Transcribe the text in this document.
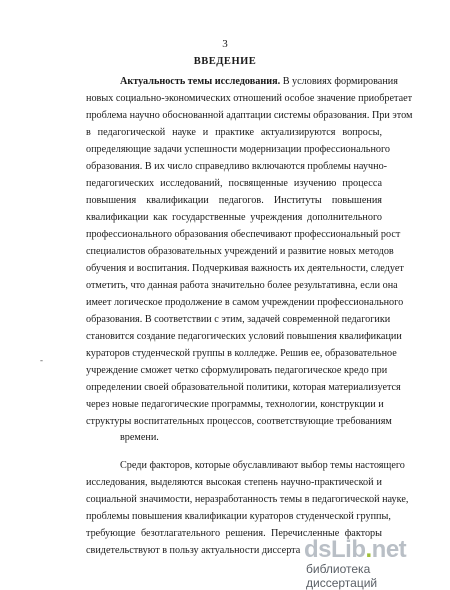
3
ВВЕДЕНИЕ
Актуальность темы исследования. В условиях формирования
новых социально-экономических отношений особое значение приобретает
проблема научно обоснованной адаптации системы образования. При этом
в педагогической науке и практике актуализируются вопросы,
определяющие задачи успешности модернизации профессионального
образования. В их число справедливо включаются проблемы научно-
педагогических исследований, посвященные изучению процесса
повышения квалификации педагогов. Институты повышения
квалификации как государственные учреждения дополнительного
профессионального образования обеспечивают профессиональный рост
специалистов образовательных учреждений и развитие новых методов
обучения и воспитания. Подчеркивая важность их деятельности, следует
отметить, что данная работа значительно более результативна, если она
имеет логическое продолжение в самом учреждении профессионального
образования. В соответствии с этим, задачей современной педагогики
становится создание педагогических условий повышения квалификации
кураторов студенческой группы в колледже. Решив ее, образовательное
учреждение сможет четко сформулировать педагогическое кредо при
определении своей образовательной политики, которая материализуется
через новые педагогические программы, технологии, конструкции и
структуры воспитательных процессов, соответствующие требованиям
времени.
-
Среди факторов, которые обуславливают выбор темы настоящего
исследования, выделяются высокая степень научно-практической и
социальной значимости, неразработанность темы в педагогической науке,
проблемы повышения квалификации кураторов студенческой группы,
требующие безотлагательного решения. Перечисленные факторы
свидетельствуют в пользу актуальности диссерта dsLib.net
библиотека диссертаций
